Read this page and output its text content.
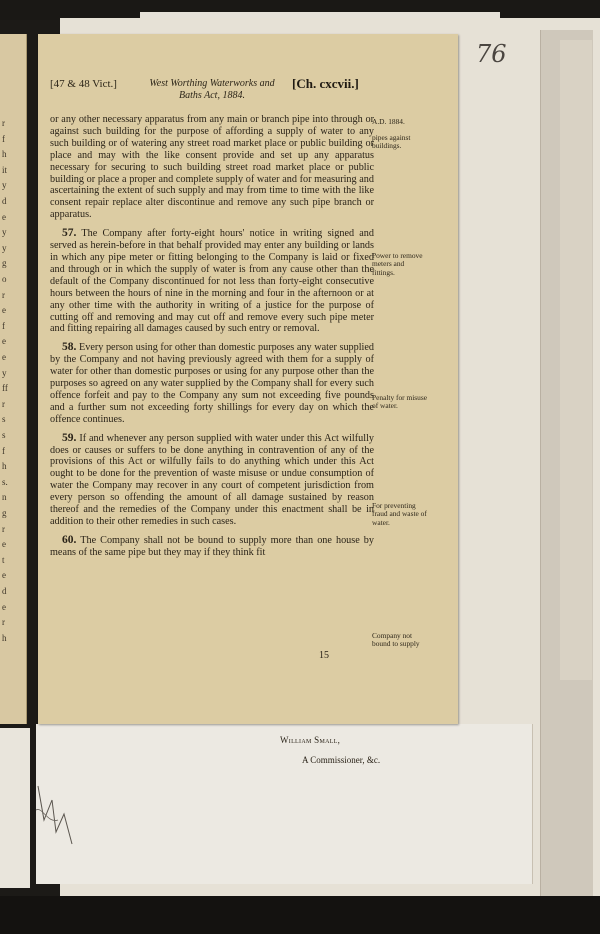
r
f
h
it
y
d
e
y
y
g
o
r
e
f
e
e
y
ff
r
s
s
f
h
s.
n
g
r
e
t
e
d
e
r
h
76
[47 & 48 Vict.]	West Worthing Waterworks and Baths Act, 1884.
[Ch. cxcvii.]

or any other necessary apparatus from any main or branch pipe into through or against such building for the purpose of affording a supply of water to any such building or of watering any street road market place or public building or place and may with the like consent provide and set up any apparatus necessary for securing to such building street road market place or public building or place a proper and complete supply of water and for measuring and ascertaining the extent of such supply and may from time to time with the like consent repair replace alter discontinue and remove any such pipe branch or apparatus.

57. The Company after forty-eight hours' notice in writing signed and served as herein-before in that behalf provided may enter any building or lands in which any pipe meter or fitting belonging to the Company is laid or fixed and through or in which the supply of water is from any cause other than the default of the Company discontinued for not less than forty-eight consecutive hours between the hours of nine in the morning and four in the afternoon or at any other time with the authority in writing of a justice for the purpose of cutting off and removing and may cut off and remove every such pipe meter and fitting repairing all damages caused by such entry or removal.

58. Every person using for other than domestic purposes any water supplied by the Company and not having previously agreed with them for a supply of water for other than domestic purposes or using for any purpose other than the purposes so agreed on any water supplied by the Company shall for every such offence forfeit and pay to the Company any sum not exceeding five pounds and a further sum not exceeding forty shillings for every day on which the offence continues.

59. If and whenever any person supplied with water under this Act wilfully does or causes or suffers to be done anything in contravention of any of the provisions of this Act or wilfully fails to do anything which under this Act ought to be done for the prevention of waste misuse or undue consumption of water the Company may recover in any court of competent jurisdiction from every person so offending the amount of all damage sustained by reason thereof and the remedies of the Company under this enactment shall be in addition to their other remedies in such cases.

60. The Company shall not be bound to supply more than one house by means of the same pipe but they may if they think fit

A.D. 1884.
pipes against buildings.
Power to remove meters and fittings.
Penalty for misuse of water.
For preventing fraud and waste of water.
Company not bound to supply
15
William Small,
A Commissioner, &c.
